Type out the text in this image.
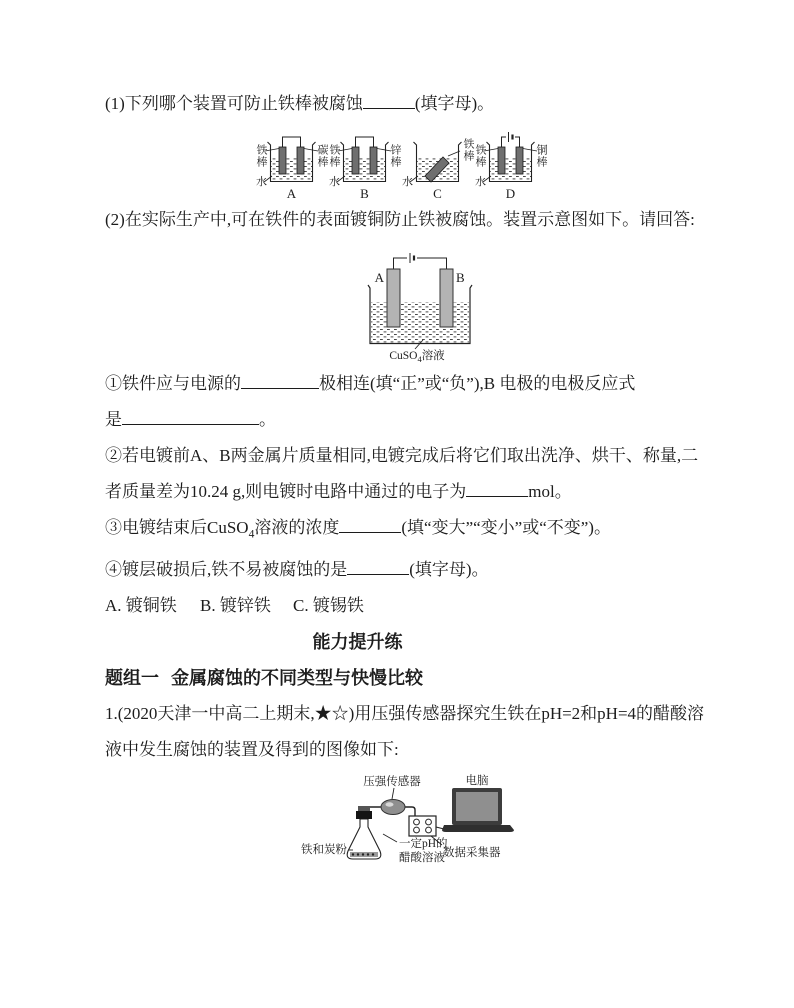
(1)下列哪个装置可防止铁棒被腐蚀	(填字母)。

铁棒	碳棒
水
A
铁棒	锌棒
水
B
铁棒
水
C
铁棒	铜棒
水
D

(2)在实际生产中,可在铁件的表面镀铜防止铁被腐蚀。装置示意图如下。请回答:

A	B
CuSO$_4$溶液

①铁件应与电源的	极相连(填“正”或“负”),B 电极的电极反应式

是	。

②若电镀前A、B两金属片质量相同,电镀完成后将它们取出洗净、烘干、称量,二

者质量差为10.24 g,则电镀时电路中通过的电子为	mol。

③电镀结束后CuSO$_4$溶液的浓度	(填“变大”“变小”或“不变”)。

④镀层破损后,铁不易被腐蚀的是	(填字母)。

A. 镀铜铁 B. 镀锌铁 C. 镀锡铁

能力提升练

题组一 金属腐蚀的不同类型与快慢比较

1.(2020天津一中高二上期末,★☆)用压强传感器探究生铁在pH=2和pH=4的醋酸溶

液中发生腐蚀的装置及得到的图像如下:

压强传感器	电脑
铁和炭粉	一定pH的
醋酸溶液
数据采集器
